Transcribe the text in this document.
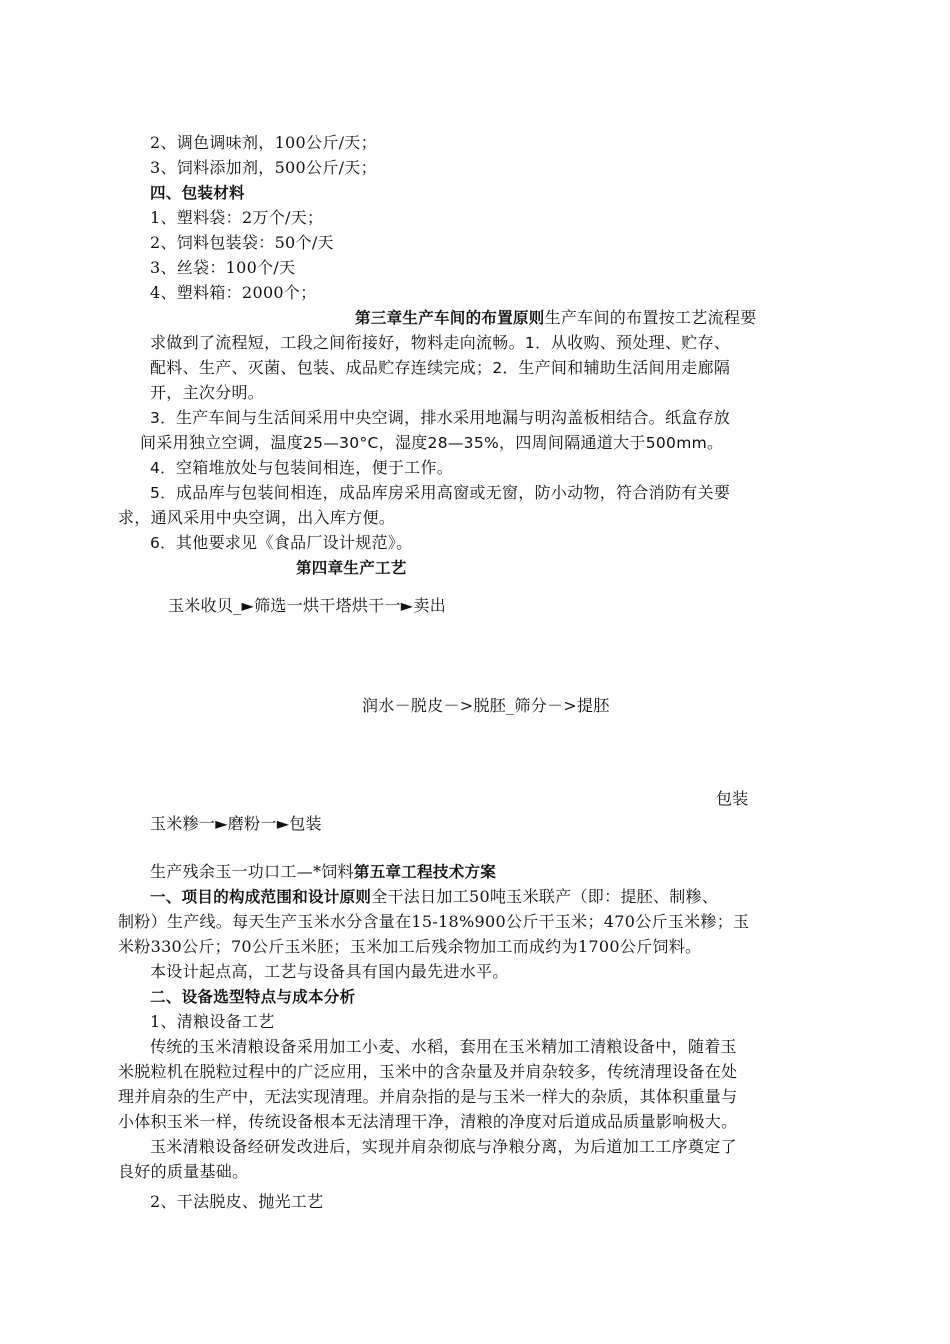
2、调色调味剂，100公斤/天；
3、饲料添加剂，500公斤/天；
四、包装材料
1、塑料袋：2万个/天；
2、饲料包装袋：50个/天
3、丝袋：100个/天
4、塑料箱：2000个；
第三章生产车间的布置原则生产车间的布置按工艺流程要
求做到了流程短，工段之间衔接好，物料走向流畅。1．从收购、预处理、贮存、
配料、生产、灭菌、包装、成品贮存连续完成；2．生产间和辅助生活间用走廊隔
开，主次分明。
3．生产车间与生活间采用中央空调，排水采用地漏与明沟盖板相结合。纸盒存放
间采用独立空调，温度25—30°C，湿度28—35%，四周间隔通道大于500mm。
4．空箱堆放处与包装间相连，便于工作。
5．成品库与包装间相连，成品库房采用高窗或无窗，防小动物，符合消防有关要
求，通风采用中央空调，出入库方便。
6．其他要求见《食品厂设计规范》。
第四章生产工艺
玉米收贝_►筛选一烘干塔烘干一►卖出
润水－脱皮－>脱胚_筛分－>提胚
包装
玉米糁一►磨粉一►包装
生产残余玉一功口工—*饲料第五章工程技术方案
一、项目的构成范围和设计原则全干法日加工50吨玉米联产（即：提胚、制糁、
制粉）生产线。每天生产玉米水分含量在15-18%900公斤干玉米；470公斤玉米糁；玉
米粉330公斤；70公斤玉米胚；玉米加工后残余物加工而成约为1700公斤饲料。
本设计起点高，工艺与设备具有国内最先进水平。
二、设备选型特点与成本分析
1、清粮设备工艺
传统的玉米清粮设备采用加工小麦、水稻，套用在玉米精加工清粮设备中，随着玉
米脱粒机在脱粒过程中的广泛应用，玉米中的含杂量及并肩杂较多，传统清理设备在处
理并肩杂的生产中，无法实现清理。并肩杂指的是与玉米一样大的杂质，其体积重量与
小体积玉米一样，传统设备根本无法清理干净，清粮的净度对后道成品质量影响极大。
玉米清粮设备经研发改进后，实现并肩杂彻底与净粮分离，为后道加工工序奠定了
良好的质量基础。
2、干法脱皮、抛光工艺
